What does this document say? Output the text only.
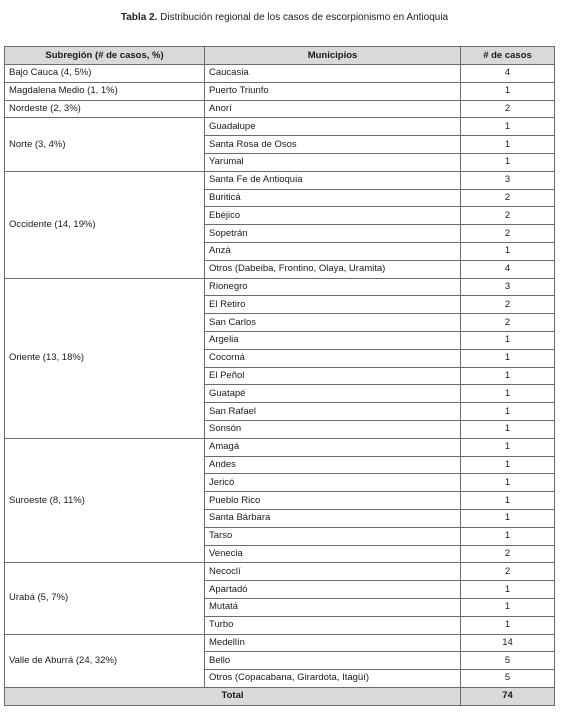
Tabla 2. Distribución regional de los casos de escorpionismo en Antioquia
Subregión (# de casos, %)	Municipios	# de casos
Bajo Cauca (4, 5%)	Caucasia	4
Magdalena Medio (1, 1%)	Puerto Triunfo	1
Nordeste (2, 3%)	Anorí	2
Norte (3, 4%)	Guadalupe	1
	Santa Rosa de Osos	1
	Yarumal	1
Occidente (14, 19%)	Santa Fe de Antioquia	3
	Buriticá	2
	Ebéjico	2
	Sopetrán	2
	Anzá	1
	Otros (Dabeiba, Frontino, Olaya, Uramita)	4
Oriente (13, 18%)	Rionegro	3
	El Retiro	2
	San Carlos	2
	Argelia	1
	Cocorná	1
	El Peñol	1
	Guatapé	1
	San Rafael	1
	Sonsón	1
Suroeste (8, 11%)	Amagá	1
	Andes	1
	Jericó	1
	Pueblo Rico	1
	Santa Bárbara	1
	Tarso	1
	Venecia	2
Urabá (5, 7%)	Necoclí	2
	Apartadó	1
	Mutatá	1
	Turbo	1
Valle de Aburrá (24, 32%)	Medellín	14
	Bello	5
	Otros (Copacabana, Girardota, Itagüí)	5
Total		74
